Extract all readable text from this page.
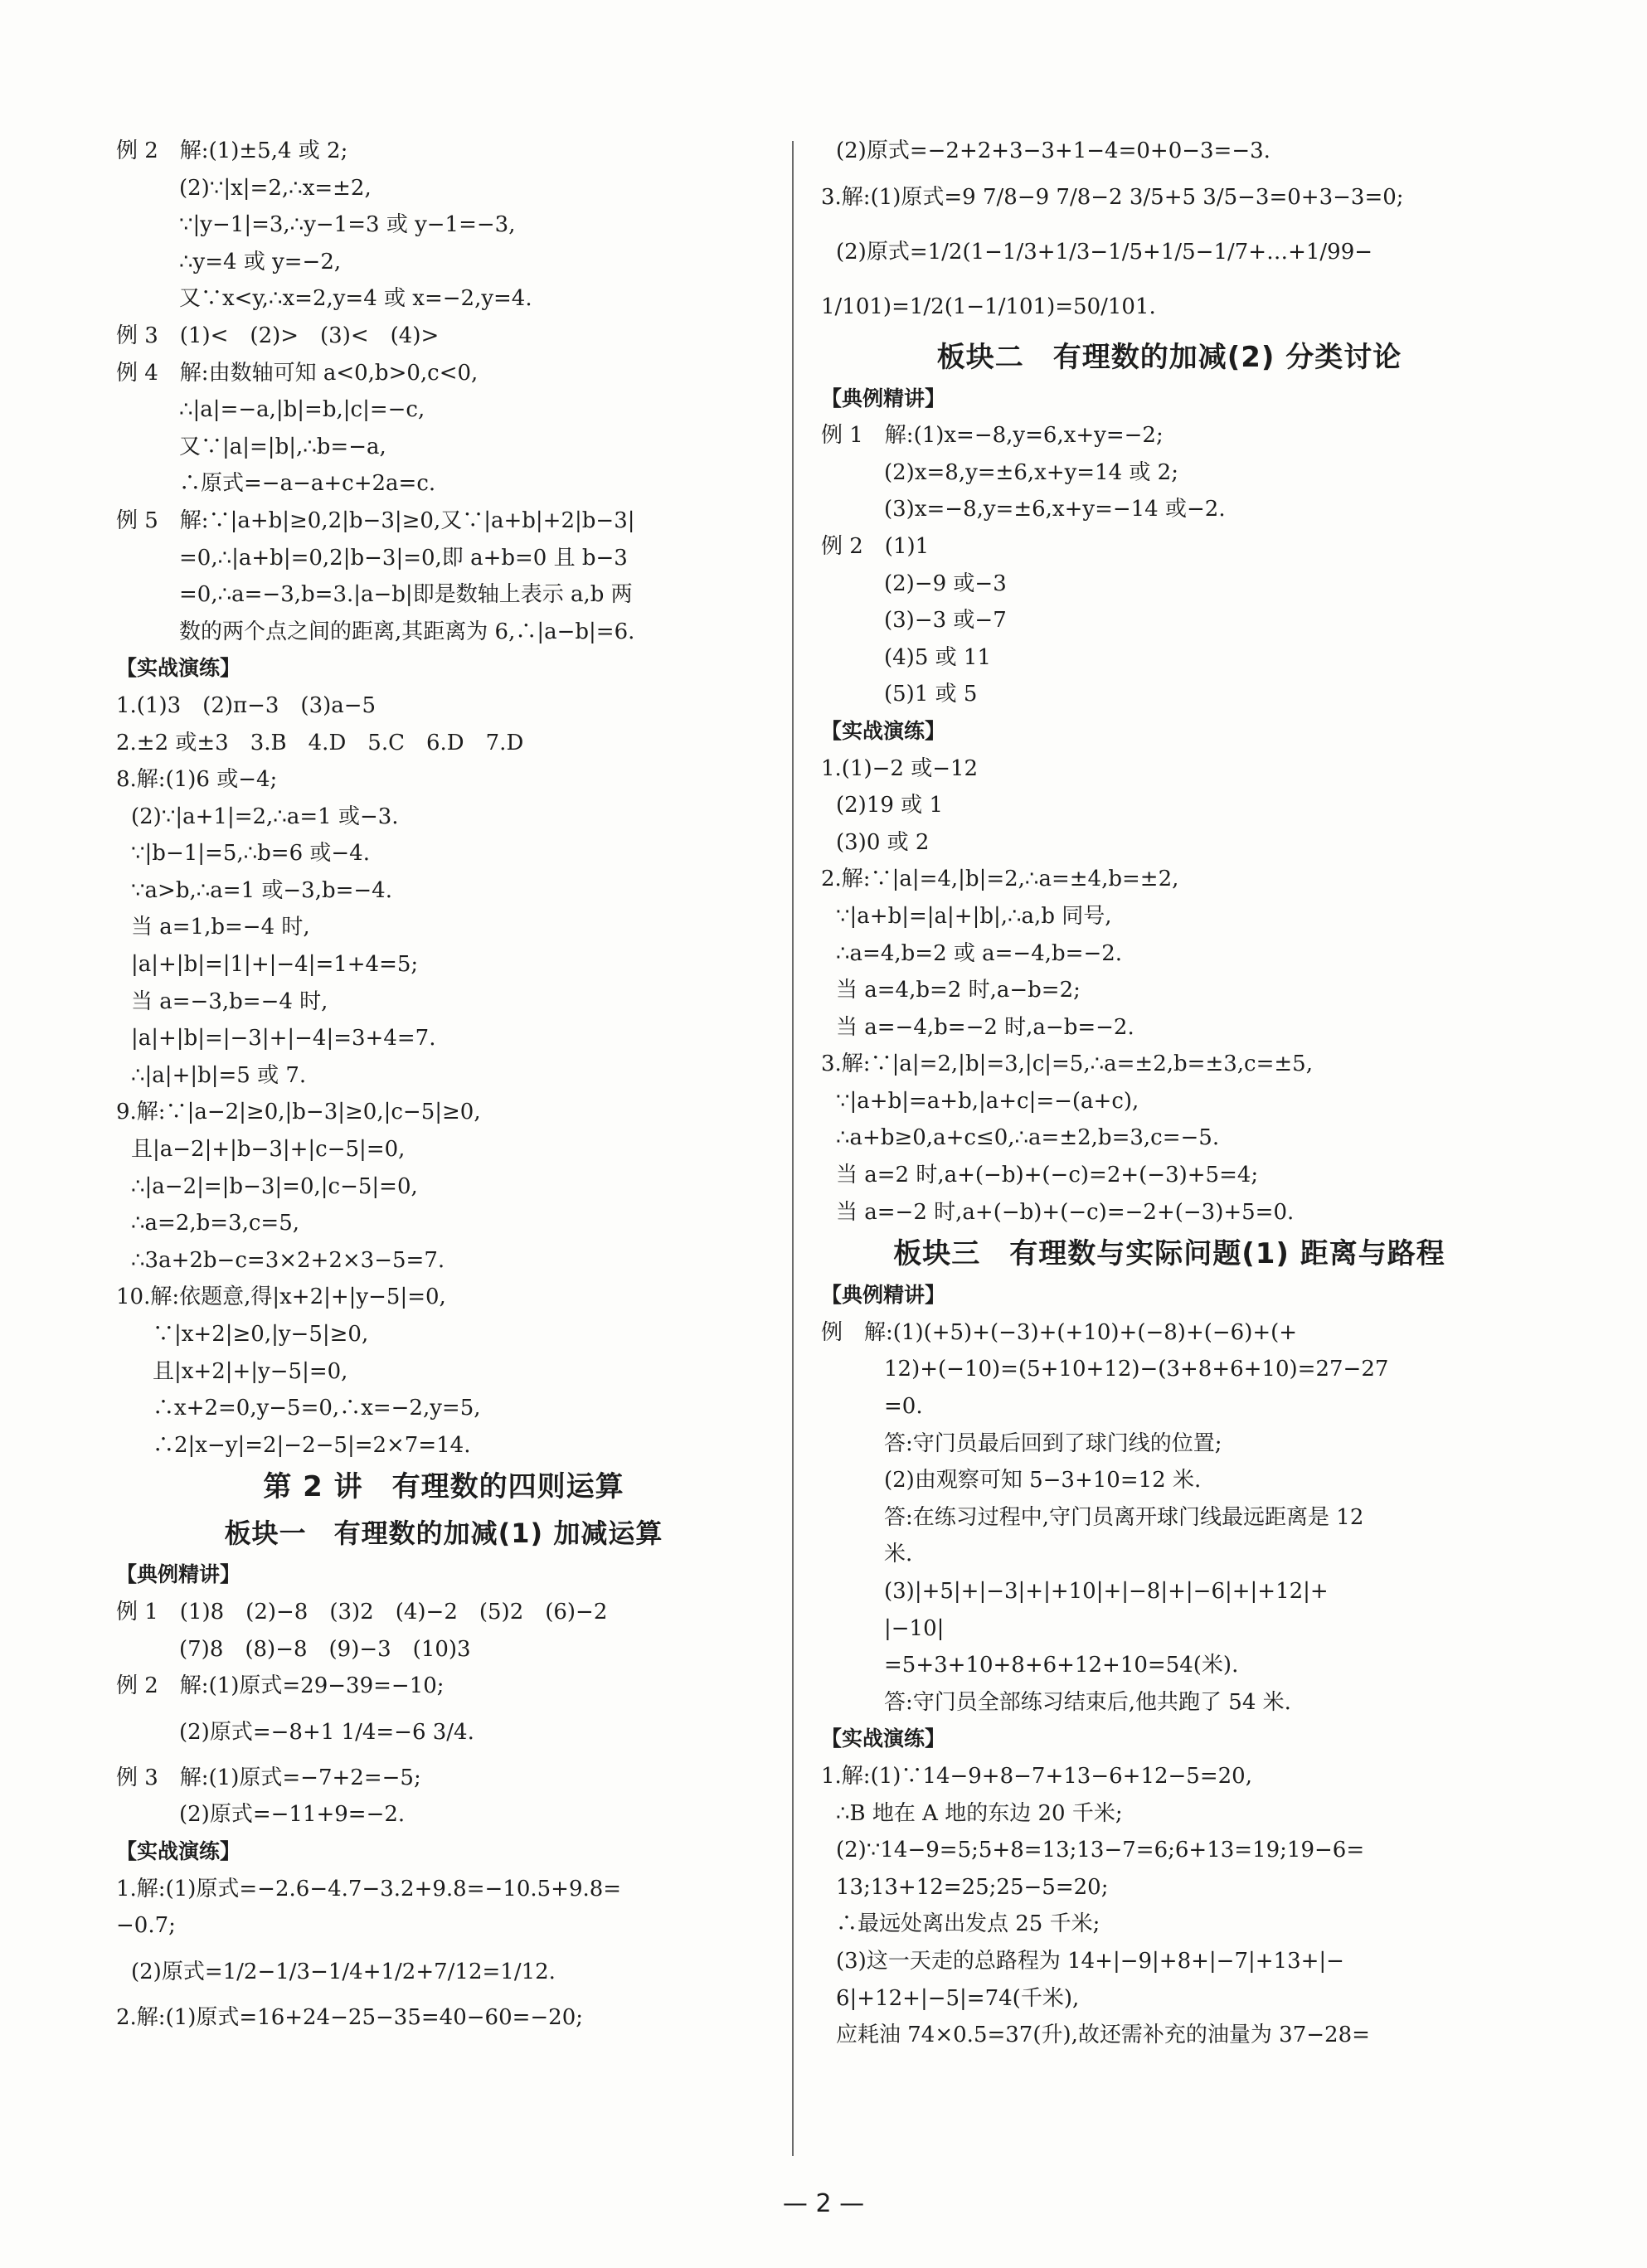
例 2　解:(1)±5,4 或 2;
(2)∵|x|=2,∴x=±2,
∵|y−1|=3,∴y−1=3 或 y−1=−3,
∴y=4 或 y=−2,
又∵x<y,∴x=2,y=4 或 x=−2,y=4.
例 3　(1)<　(2)>　(3)<　(4)>
例 4　解:由数轴可知 a<0,b>0,c<0,
∴|a|=−a,|b|=b,|c|=−c,
又∵|a|=|b|,∴b=−a,
∴原式=−a−a+c+2a=c.
例 5　解:∵|a+b|≥0,2|b−3|≥0,又∵|a+b|+2|b−3|
=0,∴|a+b|=0,2|b−3|=0,即 a+b=0 且 b−3
=0,∴a=−3,b=3.|a−b|即是数轴上表示 a,b 两
数的两个点之间的距离,其距离为 6,∴|a−b|=6.
【实战演练】
1.(1)3　(2)π−3　(3)a−5
2.±2 或±3　3.B　4.D　5.C　6.D　7.D
8.解:(1)6 或−4;
(2)∵|a+1|=2,∴a=1 或−3.
∵|b−1|=5,∴b=6 或−4.
∵a>b,∴a=1 或−3,b=−4.
当 a=1,b=−4 时,
|a|+|b|=|1|+|−4|=1+4=5;
当 a=−3,b=−4 时,
|a|+|b|=|−3|+|−4|=3+4=7.
∴|a|+|b|=5 或 7.
9.解:∵|a−2|≥0,|b−3|≥0,|c−5|≥0,
且|a−2|+|b−3|+|c−5|=0,
∴|a−2|=|b−3|=0,|c−5|=0,
∴a=2,b=3,c=5,
∴3a+2b−c=3×2+2×3−5=7.
10.解:依题意,得|x+2|+|y−5|=0,
　∵|x+2|≥0,|y−5|≥0,
　且|x+2|+|y−5|=0,
　∴x+2=0,y−5=0,∴x=−2,y=5,
　∴2|x−y|=2|−2−5|=2×7=14.
第 2 讲　有理数的四则运算
板块一　有理数的加减(1) 加减运算
【典例精讲】
例 1　(1)8　(2)−8　(3)2　(4)−2　(5)2　(6)−2
(7)8　(8)−8　(9)−3　(10)3
例 2　解:(1)原式=29−39=−10;
(2)原式=−8+1 1/4=−6 3/4.
例 3　解:(1)原式=−7+2=−5;
(2)原式=−11+9=−2.
【实战演练】
1.解:(1)原式=−2.6−4.7−3.2+9.8=−10.5+9.8=
−0.7;
(2)原式=1/2−1/3−1/4+1/2+7/12=1/12.
2.解:(1)原式=16+24−25−35=40−60=−20;
(2)原式=−2+2+3−3+1−4=0+0−3=−3.
3.解:(1)原式=9 7/8−9 7/8−2 3/5+5 3/5−3=0+3−3=0;
(2)原式=1/2(1−1/3+1/3−1/5+1/5−1/7+…+1/99−
1/101)=1/2(1−1/101)=50/101.
板块二　有理数的加减(2) 分类讨论
【典例精讲】
例 1　解:(1)x=−8,y=6,x+y=−2;
(2)x=8,y=±6,x+y=14 或 2;
(3)x=−8,y=±6,x+y=−14 或−2.
例 2　(1)1
(2)−9 或−3
(3)−3 或−7
(4)5 或 11
(5)1 或 5
【实战演练】
1.(1)−2 或−12
(2)19 或 1
(3)0 或 2
2.解:∵|a|=4,|b|=2,∴a=±4,b=±2,
∵|a+b|=|a|+|b|,∴a,b 同号,
∴a=4,b=2 或 a=−4,b=−2.
当 a=4,b=2 时,a−b=2;
当 a=−4,b=−2 时,a−b=−2.
3.解:∵|a|=2,|b|=3,|c|=5,∴a=±2,b=±3,c=±5,
∵|a+b|=a+b,|a+c|=−(a+c),
∴a+b≥0,a+c≤0,∴a=±2,b=3,c=−5.
当 a=2 时,a+(−b)+(−c)=2+(−3)+5=4;
当 a=−2 时,a+(−b)+(−c)=−2+(−3)+5=0.
板块三　有理数与实际问题(1) 距离与路程
【典例精讲】
例　解:(1)(+5)+(−3)+(+10)+(−8)+(−6)+(+
12)+(−10)=(5+10+12)−(3+8+6+10)=27−27
=0.
答:守门员最后回到了球门线的位置;
(2)由观察可知 5−3+10=12 米.
答:在练习过程中,守门员离开球门线最远距离是 12
米.
(3)|+5|+|−3|+|+10|+|−8|+|−6|+|+12|+
|−10|
=5+3+10+8+6+12+10=54(米).
答:守门员全部练习结束后,他共跑了 54 米.
【实战演练】
1.解:(1)∵14−9+8−7+13−6+12−5=20,
∴B 地在 A 地的东边 20 千米;
(2)∵14−9=5;5+8=13;13−7=6;6+13=19;19−6=
13;13+12=25;25−5=20;
∴最远处离出发点 25 千米;
(3)这一天走的总路程为 14+|−9|+8+|−7|+13+|−
6|+12+|−5|=74(千米),
应耗油 74×0.5=37(升),故还需补充的油量为 37−28=
— 2 —
